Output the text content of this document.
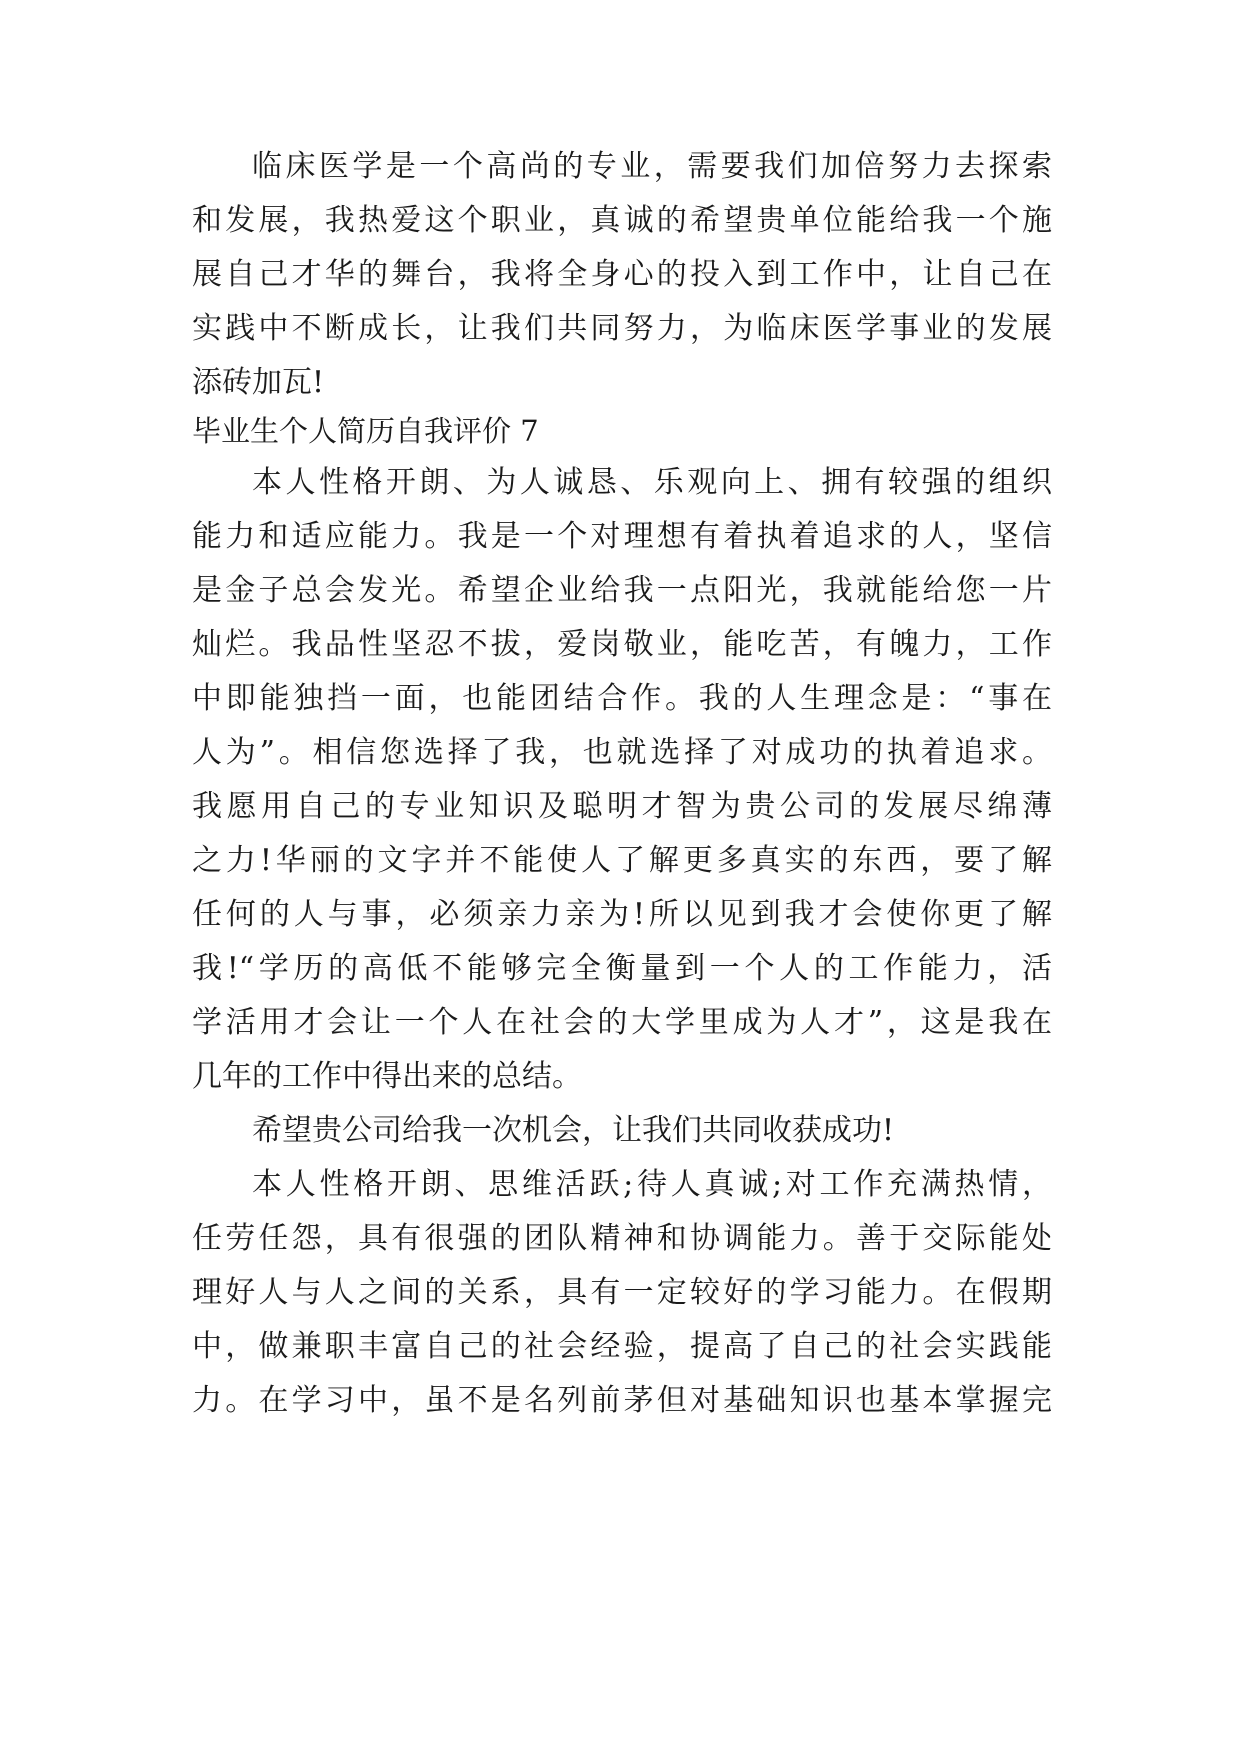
临床医学是一个高尚的专业，需要我们加倍努力去探索
和发展，我热爱这个职业，真诚的希望贵单位能给我一个施
展自己才华的舞台，我将全身心的投入到工作中，让自己在
实践中不断成长，让我们共同努力，为临床医学事业的发展
添砖加瓦!
毕业生个人简历自我评价 7
本人性格开朗、为人诚恳、乐观向上、拥有较强的组织
能力和适应能力。我是一个对理想有着执着追求的人，坚信
是金子总会发光。希望企业给我一点阳光，我就能给您一片
灿烂。我品性坚忍不拔，爱岗敬业，能吃苦，有魄力，工作
中即能独挡一面，也能团结合作。我的人生理念是：“事在
人为”。相信您选择了我，也就选择了对成功的执着追求。
我愿用自己的专业知识及聪明才智为贵公司的发展尽绵薄
之力!华丽的文字并不能使人了解更多真实的东西，要了解
任何的人与事，必须亲力亲为!所以见到我才会使你更了解
我!“学历的高低不能够完全衡量到一个人的工作能力，活
学活用才会让一个人在社会的大学里成为人才”，这是我在
几年的工作中得出来的总结。
希望贵公司给我一次机会，让我们共同收获成功!
本人性格开朗、思维活跃;待人真诚;对工作充满热情，
任劳任怨，具有很强的团队精神和协调能力。善于交际能处
理好人与人之间的关系，具有一定较好的学习能力。在假期
中，做兼职丰富自己的社会经验，提高了自己的社会实践能
力。在学习中，虽不是名列前茅但对基础知识也基本掌握完
